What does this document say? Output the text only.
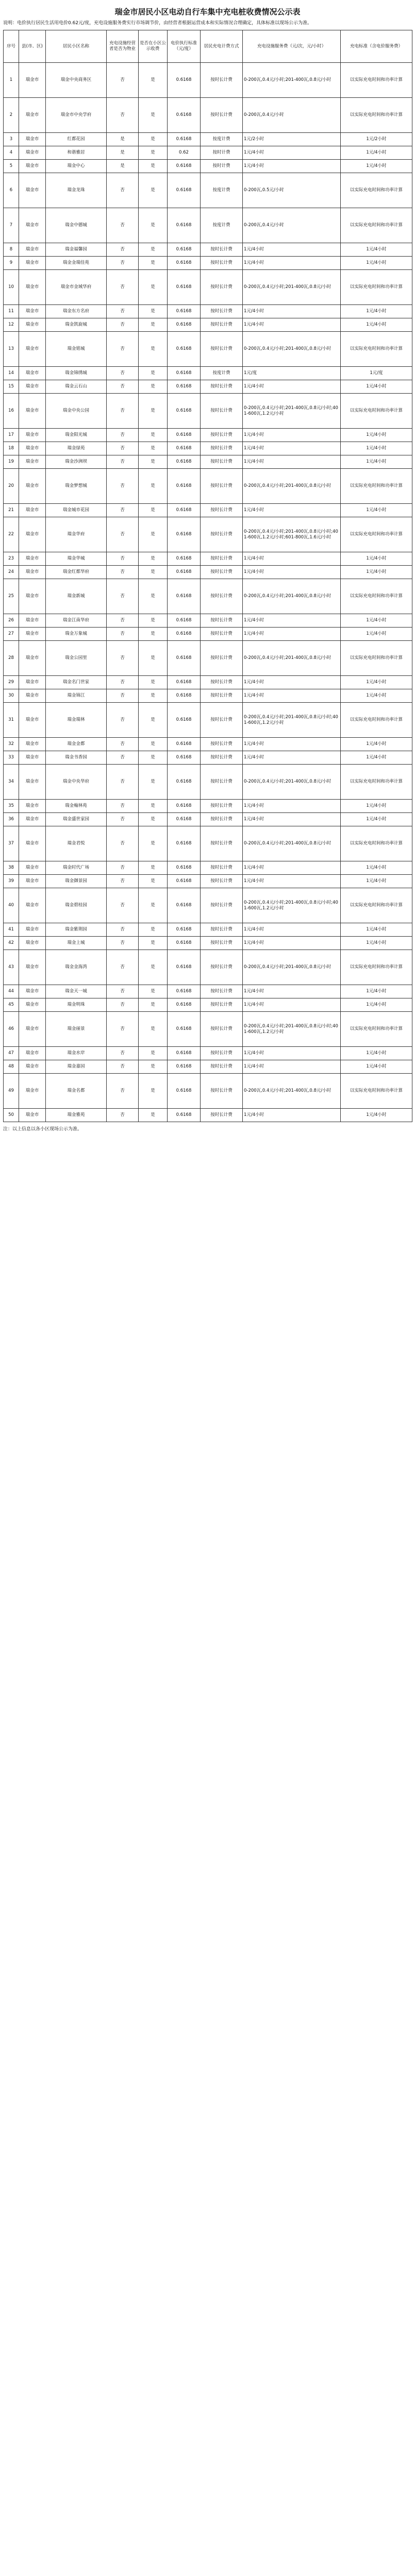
瑞金市居民小区电动自行车集中充电桩收费情况公示表
说明：电价执行居民生活用电价0.62元/度，充电设施服务费实行市场调节价，由经营者根据运营成本和实际情况合理确定，具体标准以现场公示为准。
序号	县(市、区)	居民小区名称	充电设施经营者是否为物业	是否在小区公示收费	电价执行标准（元/度）	居民充电计费方式	充电设施服务费（元/次，元/小时）	充电标准（含电价服务费）
1	瑞金市	瑞金中央商务区	否	是	0.6168	按时长计费	0-200瓦,0.4元/小时;201-400瓦,0.8元/小时	以实际充电时间和功率计算
2	瑞金市	瑞金市中央学府	否	是	0.6168	按时长计费	0-200瓦,0.4元/小时	以实际充电时间和功率计算
3	瑞金市	红都花园	是	是	0.6168	按度计费	1元/2小时	1元/2小时
4	瑞金市	和谐雅居	是	是	0.62	按时计费	1元/4小时	1元/4小时
5	瑞金市	瑞金中心	是	是	0.6168	按时计费	1元/4小时	1元/4小时
6	瑞金市	瑞金龙珠	否	是	0.6168	按度计费	0-200瓦,0.5元/小时	以实际充电时间和功率计算
7	瑞金市	瑞金中德城	否	是	0.6168	按度计费	0-200瓦,0.4元/小时	以实际充电时间和功率计算
8	瑞金市	瑞金福馨园	否	是	0.6168	按时长计费	1元/4小时	1元/4小时
9	瑞金市	瑞金金瑞佳苑	否	是	0.6168	按时长计费	1元/4小时	1元/4小时
10	瑞金市	瑞金市金域华府	否	是	0.6168	按时长计费	0-200瓦,0.4元/小时;201-400瓦,0.8元/小时	以实际充电时间和功率计算
11	瑞金市	瑞金东方名府	否	是	0.6168	按时长计费	1元/4小时	1元/4小时
12	瑞金市	瑞金凯旋城	否	是	0.6168	按时长计费	1元/4小时	1元/4小时
13	瑞金市	瑞金铭城	否	是	0.6168	按时长计费	0-200瓦,0.4元/小时;201-400瓦,0.8元/小时	以实际充电时间和功率计算
14	瑞金市	瑞金锦绣城	否	是	0.6168	按度计费	1元/度	1元/度
15	瑞金市	瑞金云石山	否	是	0.6168	按时长计费	1元/4小时	1元/4小时
16	瑞金市	瑞金中央公园	否	是	0.6168	按时长计费	0-200瓦,0.4元/小时;201-400瓦,0.8元/小时;401-600瓦,1.2元/小时	以实际充电时间和功率计算
17	瑞金市	瑞金阳光城	否	是	0.6168	按时长计费	1元/4小时	1元/4小时
18	瑞金市	瑞金绿苑	否	是	0.6168	按时长计费	1元/4小时	1元/4小时
19	瑞金市	瑞金沙洲坝	否	是	0.6168	按时长计费	1元/4小时	1元/4小时
20	瑞金市	瑞金梦想城	否	是	0.6168	按时长计费	0-200瓦,0.4元/小时;201-400瓦,0.8元/小时	以实际充电时间和功率计算
21	瑞金市	瑞金城市花园	否	是	0.6168	按时长计费	1元/4小时	1元/4小时
22	瑞金市	瑞金华府	否	是	0.6168	按时长计费	0-200瓦,0.4元/小时;201-400瓦,0.8元/小时;401-600瓦,1.2元/小时;601-800瓦,1.6元/小时	以实际充电时间和功率计算
23	瑞金市	瑞金华城	否	是	0.6168	按时长计费	1元/4小时	1元/4小时
24	瑞金市	瑞金红都华府	否	是	0.6168	按时长计费	1元/4小时	1元/4小时
25	瑞金市	瑞金新城	否	是	0.6168	按时长计费	0-200瓦,0.4元/小时;201-400瓦,0.8元/小时	以实际充电时间和功率计算
26	瑞金市	瑞金江南华府	否	是	0.6168	按时长计费	1元/4小时	1元/4小时
27	瑞金市	瑞金万象城	否	是	0.6168	按时长计费	1元/4小时	1元/4小时
28	瑞金市	瑞金公园里	否	是	0.6168	按时长计费	0-200瓦,0.4元/小时;201-400瓦,0.8元/小时	以实际充电时间和功率计算
29	瑞金市	瑞金名门世家	否	是	0.6168	按时长计费	1元/4小时	1元/4小时
30	瑞金市	瑞金锦江	否	是	0.6168	按时长计费	1元/4小时	1元/4小时
31	瑞金市	瑞金瑞林	否	是	0.6168	按时长计费	0-200瓦,0.4元/小时;201-400瓦,0.8元/小时;401-600瓦,1.2元/小时	以实际充电时间和功率计算
32	瑞金市	瑞金金都	否	是	0.6168	按时长计费	1元/4小时	1元/4小时
33	瑞金市	瑞金书香园	否	是	0.6168	按时长计费	1元/4小时	1元/4小时
34	瑞金市	瑞金中央华府	否	是	0.6168	按时长计费	0-200瓦,0.4元/小时;201-400瓦,0.8元/小时	以实际充电时间和功率计算
35	瑞金市	瑞金翰林苑	否	是	0.6168	按时长计费	1元/4小时	1元/4小时
36	瑞金市	瑞金盛世家园	否	是	0.6168	按时长计费	1元/4小时	1元/4小时
37	瑞金市	瑞金君悦	否	是	0.6168	按时长计费	0-200瓦,0.4元/小时;201-400瓦,0.8元/小时	以实际充电时间和功率计算
38	瑞金市	瑞金时代广场	否	是	0.6168	按时长计费	1元/4小时	1元/4小时
39	瑞金市	瑞金御景园	否	是	0.6168	按时长计费	1元/4小时	1元/4小时
40	瑞金市	瑞金碧桂园	否	是	0.6168	按时长计费	0-200瓦,0.4元/小时;201-400瓦,0.8元/小时;401-600瓦,1.2元/小时	以实际充电时间和功率计算
41	瑞金市	瑞金紫荆园	否	是	0.6168	按时长计费	1元/4小时	1元/4小时
42	瑞金市	瑞金上城	否	是	0.6168	按时长计费	1元/4小时	1元/4小时
43	瑞金市	瑞金金海湾	否	是	0.6168	按时长计费	0-200瓦,0.4元/小时;201-400瓦,0.8元/小时	以实际充电时间和功率计算
44	瑞金市	瑞金天一城	否	是	0.6168	按时长计费	1元/4小时	1元/4小时
45	瑞金市	瑞金明珠	否	是	0.6168	按时长计费	1元/4小时	1元/4小时
46	瑞金市	瑞金丽景	否	是	0.6168	按时长计费	0-200瓦,0.4元/小时;201-400瓦,0.8元/小时;401-600瓦,1.2元/小时	以实际充电时间和功率计算
47	瑞金市	瑞金水岸	否	是	0.6168	按时长计费	1元/4小时	1元/4小时
48	瑞金市	瑞金嘉园	否	是	0.6168	按时长计费	1元/4小时	1元/4小时
49	瑞金市	瑞金名都	否	是	0.6168	按时长计费	0-200瓦,0.4元/小时;201-400瓦,0.8元/小时	以实际充电时间和功率计算
50	瑞金市	瑞金雅苑	否	是	0.6168	按时长计费	1元/4小时	1元/4小时
注：以上信息以各小区现场公示为准。
